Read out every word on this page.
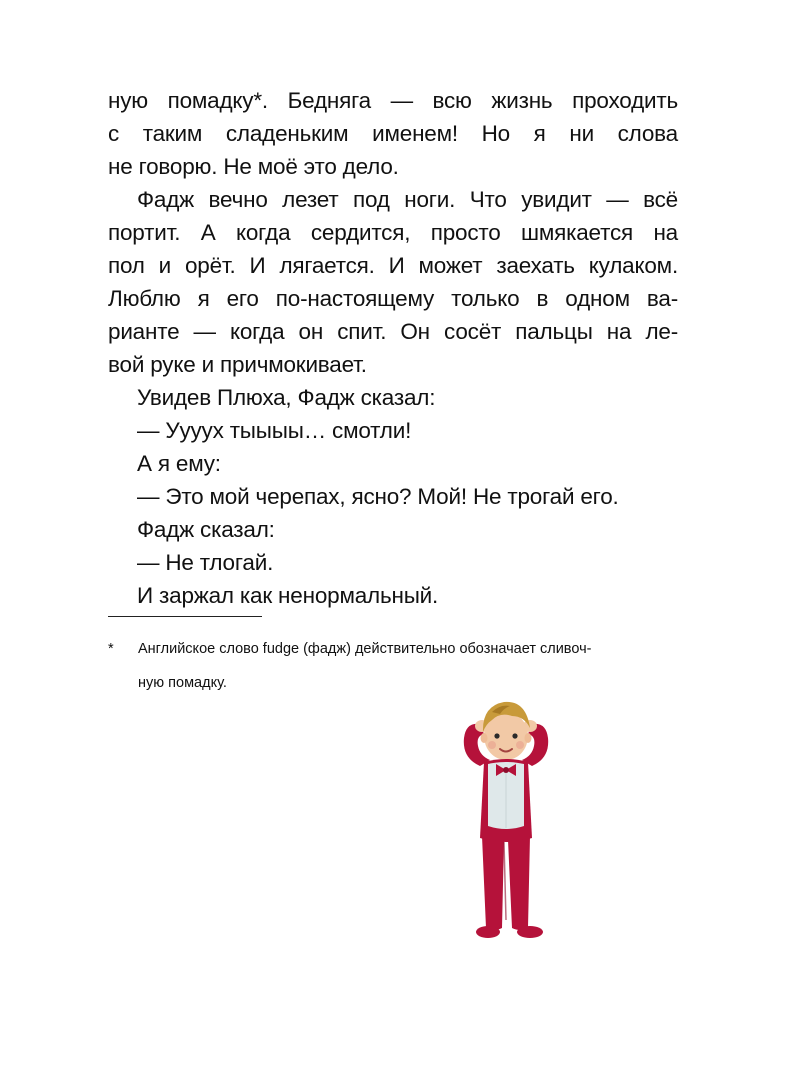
ную помадку*. Бедняга — всю жизнь проходить
с таким сладеньким именем! Но я ни слова
не говорю. Не моё это дело.
Фадж вечно лезет под ноги. Что увидит — всё
портит. А когда сердится, просто шмякается на
пол и орёт. И лягается. И может заехать кулаком.
Люблю я его по-настоящему только в одном ва-
рианте — когда он спит. Он сосёт пальцы на ле-
вой руке и причмокивает.
Увидев Плюха, Фадж сказал:
— Уууух тыыыы… смотли!
А я ему:
— Это мой черепах, ясно? Мой! Не трогай его.
Фадж сказал:
— Не тлогай.
И заржал как ненормальный.
* Английское слово fudge (фадж) действительно обозначает сливоч-
ную помадку.
